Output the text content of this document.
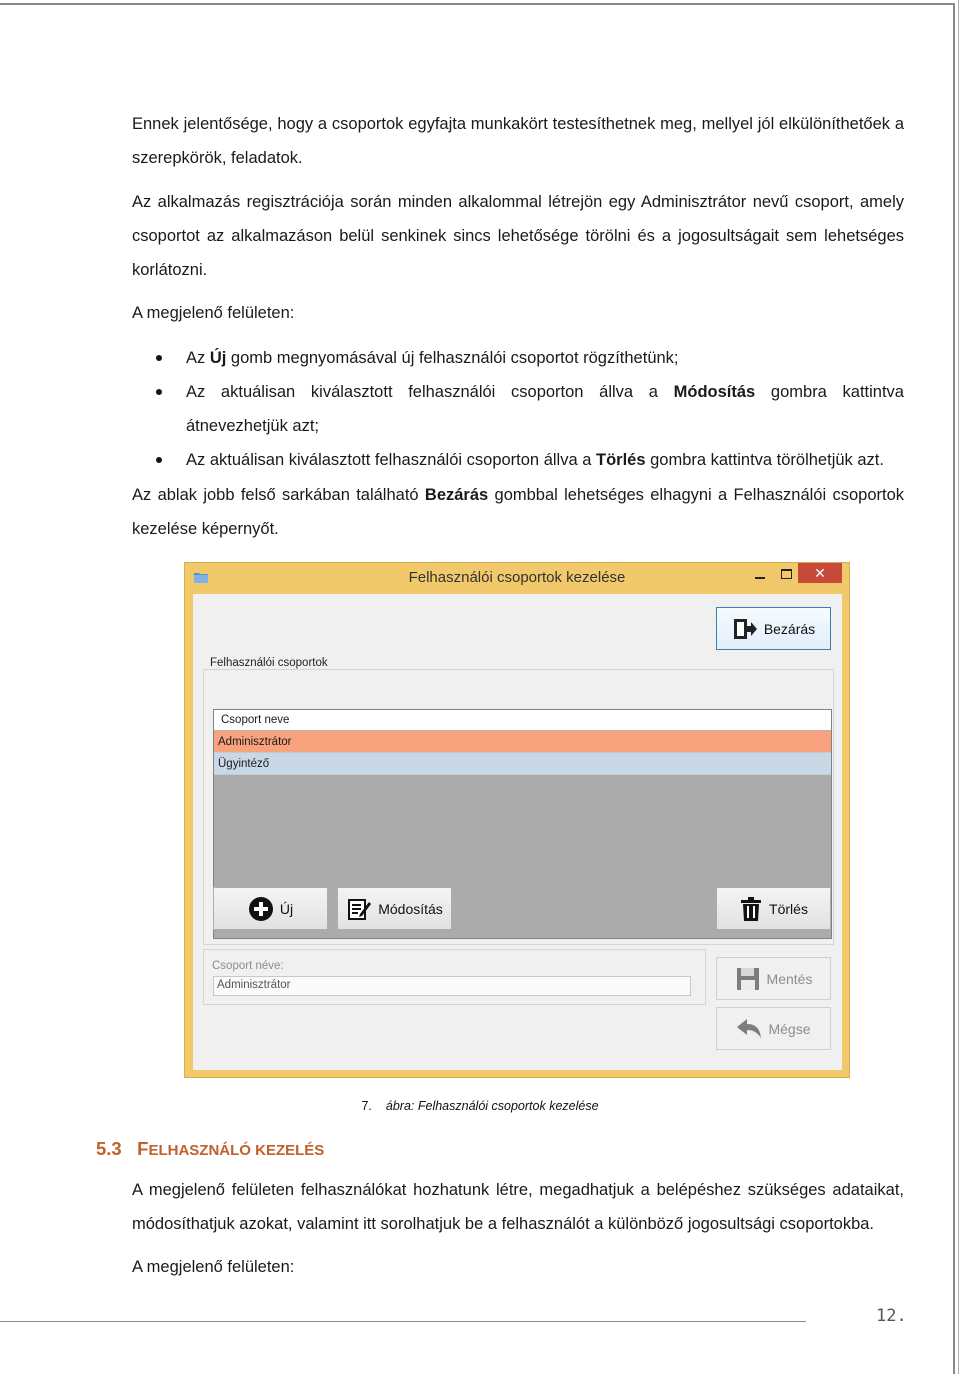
Ennek jelentősége, hogy a csoportok egyfajta munkakört testesíthetnek meg, mellyel jól elkülöníthetőek a szerepkörök, feladatok.

Az alkalmazás regisztrációja során minden alkalommal létrejön egy Adminisztrátor nevű csoport, amely csoportot az alkalmazáson belül senkinek sincs lehetősége törölni és a jogosultságait sem lehetséges korlátozni.

A megjelenő felületen:

Az Új gomb megnyomásával új felhasználói csoportot rögzíthetünk;
Az aktuálisan kiválasztott felhasználói csoporton állva a Módosítás gombra kattintva átnevezhetjük azt;
Az aktuálisan kiválasztott felhasználói csoporton állva a Törlés gombra kattintva törölhetjük azt.

Az ablak jobb felső sarkában található Bezárás gombbal lehetséges elhagyni a Felhasználói csoportok kezelése képernyőt.

Felhasználói csoportok kezelése	✕
Bezárás
Felhasználói csoportok
Csoport neve
Adminisztrátor
Ügyintéző
Új	Módosítás	Törlés
Csoport néve:
Adminisztrátor	Mentés
Mégse
7. ábra: Felhasználói csoportok kezelése
5.3 FELHASZNÁLÓ KEZELÉS

A megjelenő felületen felhasználókat hozhatunk létre, megadhatjuk a belépéshez szükséges adataikat, módosíthatjuk azokat, valamint itt sorolhatjuk be a felhasználót a különböző jogosultsági csoportokba.

A megjelenő felületen:

12.
